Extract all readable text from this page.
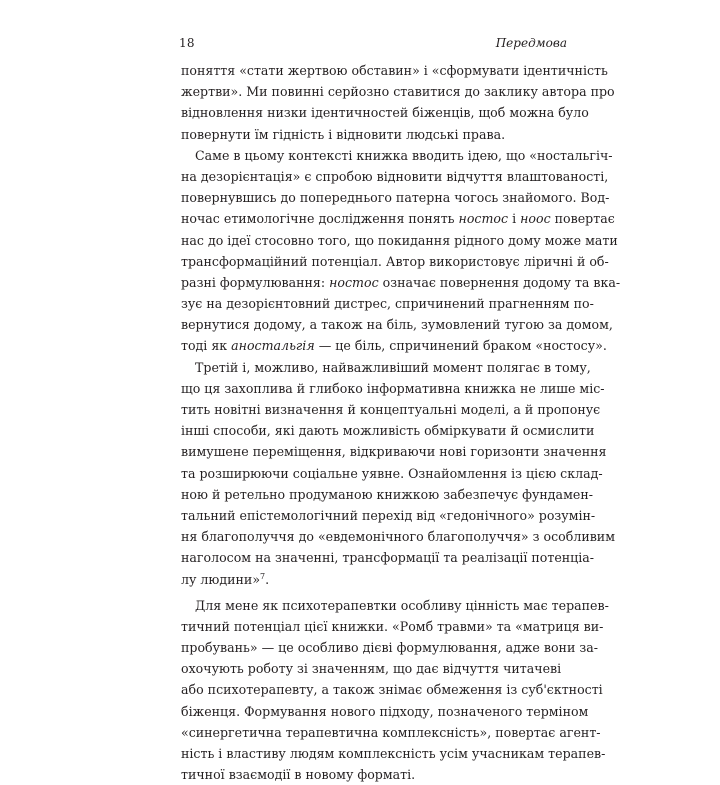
18	Передмова
поняття «стати жертвою обставин» і «сформувати ідентичність
жертви». Ми повинні серйозно ставитися до заклику автора про
відновлення низки ідентичностей біженців, щоб можна було
повернути їм гідність і відновити людські права.
Саме в цьому контексті книжка вводить ідею, що «ностальгіч-
на дезорієнтація» є спробою відновити відчуття влаштованості,
повернувшись до попереднього патерна чогось знайомого. Вод-
ночас етимологічне дослідження понять ностос і ноос повертає
нас до ідеї стосовно того, що покидання рідного дому може мати
трансформаційний потенціал. Автор використовує ліричні й об-
разні формулювання: ностос означає повернення додому та вка-
зує на дезорієнтовний дистрес, спричинений прагненням по-
вернутися додому, а також на біль, зумовлений тугою за домом,
тоді як аностальгія — це біль, спричинений браком «ностосу».
Третій і, можливо, найважливіший момент полягає в тому,
що ця захоплива й глибоко інформативна книжка не лише міс-
тить новітні визначення й концептуальні моделі, а й пропонує
інші способи, які дають можливість обміркувати й осмислити
вимушене переміщення, відкриваючи нові горизонти значення
та розширюючи соціальне уявне. Ознайомлення із цією склад-
ною й ретельно продуманою книжкою забезпечує фундамен-
тальний епістемологічний перехід від «гедонічного» розумін-
ня благополуччя до «евдемонічного благополуччя» з особливим
наголосом на значенні, трансформації та реалізації потенціа-
лу людини»$^7$.
Для мене як психотерапевтки особливу цінність має терапев-
тичний потенціал цієї книжки. «Ромб травми» та «матриця ви-
пробувань» — це особливо дієві формулювання, адже вони за-
охочують роботу зі значенням, що дає відчуття читачеві
або психотерапевту, а також знімає обмеження із суб'єктності
біженця. Формування нового підходу, позначеного терміном
«синергетична терапевтична комплексність», повертає агент-
ність і властиву людям комплексність усім учасникам терапев-
тичної взаємодії в новому форматі.
